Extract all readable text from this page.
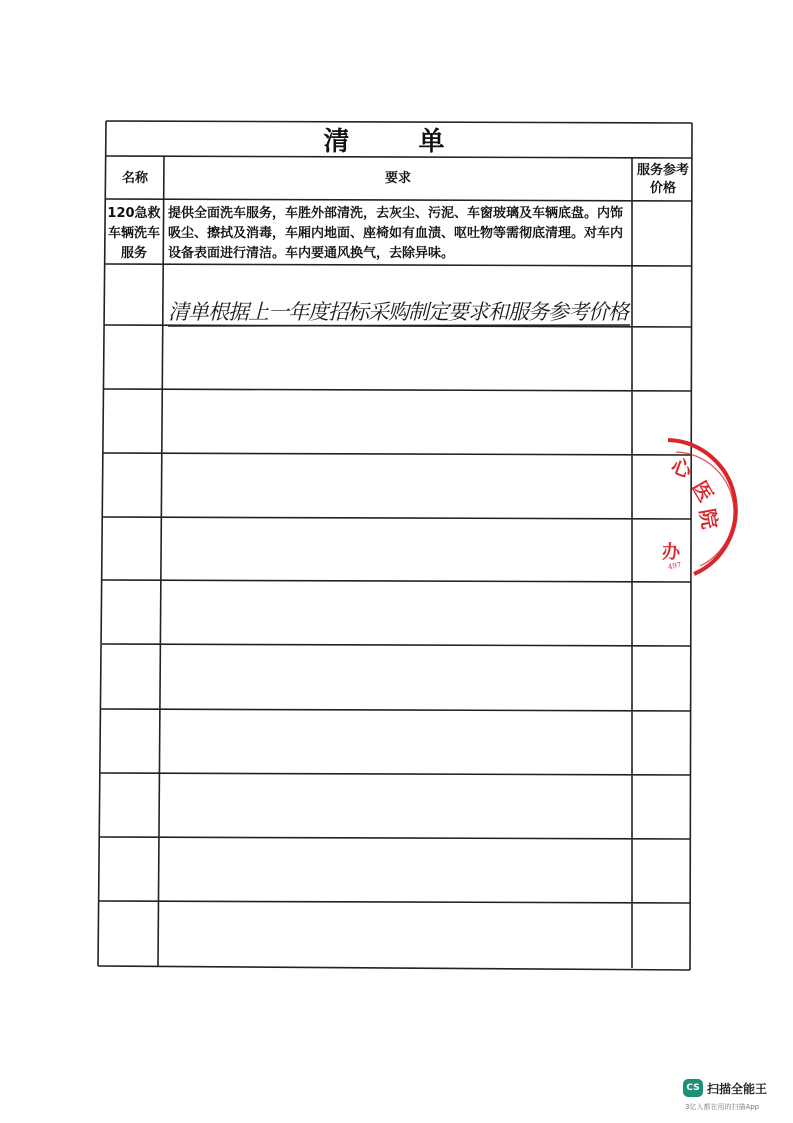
清 单
名称	要求
服务参考价格
120急救车辆洗车服务
提供全面洗车服务，车胜外部清洗，去灰尘、污泥、车窗玻璃及车辆底盘。内饰吸尘、擦拭及消毒，车厢内地面、座椅如有血渍、呕吐物等需彻底清理。对车内设备表面进行清洁。车内要通风换气，去除异味。
清单根据上一年度招标采购制定要求和服务参考价格
心
医
院
办
497
CS 扫描全能王
3亿人都在用的扫描App
